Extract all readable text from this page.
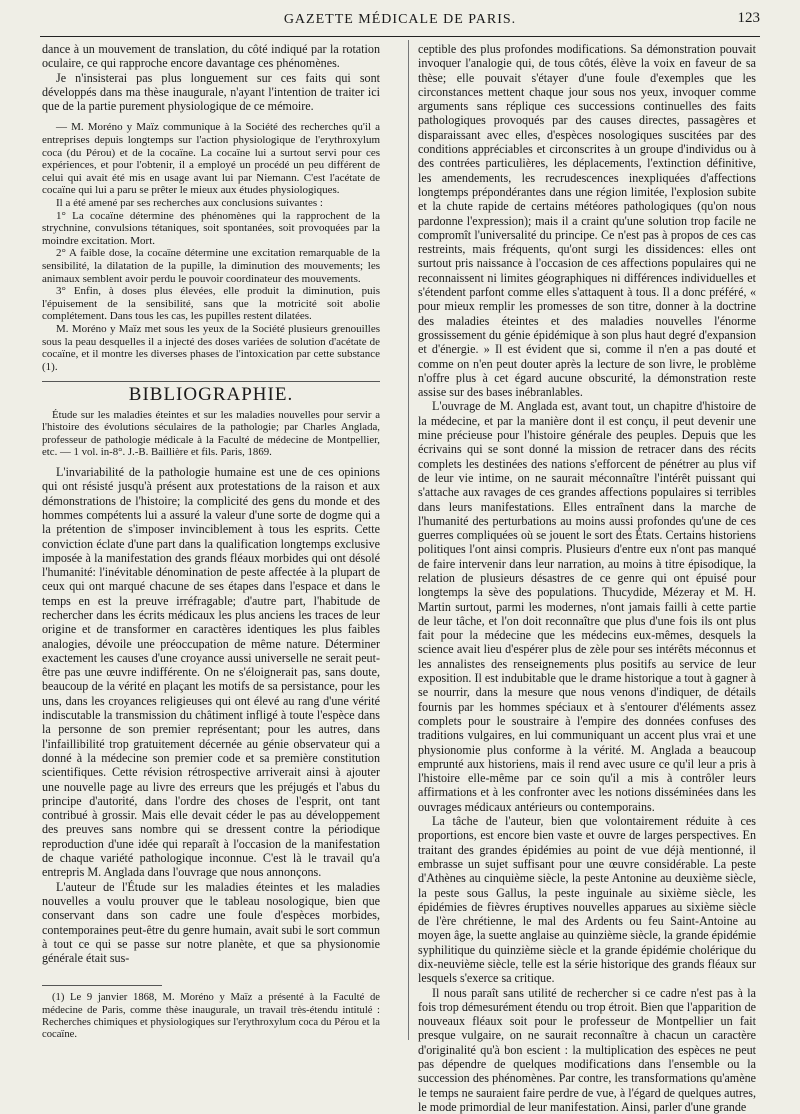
GAZETTE MÉDICALE DE PARIS.	123

dance à un mouvement de translation, du côté indiqué par la rotation oculaire, ce qui rapproche encore davantage ces phénomènes.

Je n'insisterai pas plus longuement sur ces faits qui sont développés dans ma thèse inaugurale, n'ayant l'intention de traiter ici que de la partie purement physiologique de ce mémoire.

— M. Moréno y Maïz communique à la Société des recherches qu'il a entreprises depuis longtemps sur l'action physiologique de l'erythroxylum coca (du Pérou) et de la cocaïne. La cocaïne lui a surtout servi pour ces expériences, et pour l'obtenir, il a employé un procédé un peu différent de celui qui avait été mis en usage avant lui par Niemann. C'est l'acétate de cocaïne qui lui a paru se prêter le mieux aux études physiologiques.

Il a été amené par ses recherches aux conclusions suivantes :

1° La cocaïne détermine des phénomènes qui la rapprochent de la strychnine, convulsions tétaniques, soit spontanées, soit provoquées par la moindre excitation. Mort.

2° A faible dose, la cocaïne détermine une excitation remarquable de la sensibilité, la dilatation de la pupille, la diminution des mouvements; les animaux semblent avoir perdu le pouvoir coordinateur des mouvements.

3° Enfin, à doses plus élevées, elle produit la diminution, puis l'épuisement de la sensibilité, sans que la motricité soit abolie complétement. Dans tous les cas, les pupilles restent dilatées.

M. Moréno y Maïz met sous les yeux de la Société plusieurs grenouilles sous la peau desquelles il a injecté des doses variées de solution d'acétate de cocaïne, et il montre les diverses phases de l'intoxication par cette substance (1).

BIBLIOGRAPHIE.

Étude sur les maladies éteintes et sur les maladies nouvelles pour servir a l'histoire des évolutions séculaires de la pathologie; par Charles Anglada, professeur de pathologie médicale à la Faculté de médecine de Montpellier, etc. — 1 vol. in-8°. J.-B. Baillière et fils. Paris, 1869.

L'invariabilité de la pathologie humaine est une de ces opinions qui ont résisté jusqu'à présent aux protestations de la raison et aux démonstrations de l'histoire; la complicité des gens du monde et des hommes compétents lui a assuré la valeur d'une sorte de dogme qui a la prétention de s'imposer invinciblement à tous les esprits. Cette conviction éclate d'une part dans la qualification longtemps exclusive imposée à la manifestation des grands fléaux morbides qui ont désolé l'humanité: l'inévitable dénomination de peste affectée à la plupart de ceux qui ont marqué chacune de ses étapes dans l'espace et dans le temps en est la preuve irréfragable; d'autre part, l'habitude de rechercher dans les écrits médicaux les plus anciens les traces de leur origine et de transformer en caractères identiques les plus faibles analogies, dévoile une préoccupation de même nature. Déterminer exactement les causes d'une croyance aussi universelle ne serait peut-être pas une œuvre indifférente. On ne s'éloignerait pas, sans doute, beaucoup de la vérité en plaçant les motifs de sa persistance, pour les uns, dans les croyances religieuses qui ont élevé au rang d'une vérité indiscutable la transmission du châtiment infligé à toute l'espèce dans la personne de son premier représentant; pour les autres, dans l'infaillibilité trop gratuitement décernée au génie observateur qui a donné à la médecine son premier code et sa première constitution scientifiques. Cette révision rétrospective arriverait ainsi à ajouter une nouvelle page au livre des erreurs que les préjugés et l'abus du principe d'autorité, dans l'ordre des choses de l'esprit, ont tant contribué à grossir. Mais elle devait céder le pas au développement des preuves sans nombre qui se dressent contre la périodique reproduction d'une idée qui reparaît à l'occasion de la manifestation de chaque variété pathologique inconnue. C'est là le travail qu'a entrepris M. Anglada dans l'ouvrage que nous annonçons.

L'auteur de l'Étude sur les maladies éteintes et les maladies nouvelles a voulu prouver que le tableau nosologique, bien que conservant dans son cadre une foule d'espèces morbides, contemporaines peut-être du genre humain, avait subi le sort commun à tout ce qui se passe sur notre planète, et que sa physionomie générale était sus-

(1) Le 9 janvier 1868, M. Moréno y Maïz a présenté à la Faculté de médecine de Paris, comme thèse inaugurale, un travail très-étendu intitulé : Recherches chimiques et physiologiques sur l'erythroxylum coca du Pérou et la cocaïne.

ceptible des plus profondes modifications. Sa démonstration pouvait invoquer l'analogie qui, de tous côtés, élève la voix en faveur de sa thèse; elle pouvait s'étayer d'une foule d'exemples que les circonstances mettent chaque jour sous nos yeux, invoquer comme arguments sans réplique ces successions continuelles des faits pathologiques provoqués par des causes directes, passagères et disparaissant avec elles, d'espèces nosologiques suscitées par des conditions appréciables et circonscrites à un groupe d'individus ou à des contrées particulières, les déplacements, l'extinction définitive, les amendements, les recrudescences inexpliquées d'affections longtemps prépondérantes dans une région limitée, l'explosion subite et la chute rapide de certains météores pathologiques (qu'on nous pardonne l'expression); mais il a craint qu'une solution trop facile ne compromît l'universalité du principe. Ce n'est pas à propos de ces cas restreints, mais fréquents, qu'ont surgi les dissidences: elles ont surtout pris naissance à l'occasion de ces affections populaires qui ne reconnaissent ni limites géographiques ni différences individuelles et s'étendent parfont comme elles s'attaquent à tous. Il a donc préféré, « pour mieux remplir les promesses de son titre, donner à la doctrine des maladies éteintes et des maladies nouvelles l'énorme grossissement du génie épidémique à son plus haut degré d'expansion et d'énergie. » Il est évident que si, comme il n'en a pas douté et comme on n'en peut douter après la lecture de son livre, le problème n'offre plus à cet égard aucune obscurité, la démonstration reste assise sur des bases inébranlables.

L'ouvrage de M. Anglada est, avant tout, un chapitre d'histoire de la médecine, et par la manière dont il est conçu, il peut devenir une mine précieuse pour l'histoire générale des peuples. Depuis que les écrivains qui se sont donné la mission de retracer dans des récits complets les destinées des nations s'efforcent de pénétrer au plus vif de leur vie intime, on ne saurait méconnaître l'intérêt puissant qui s'attache aux ravages de ces grandes affections populaires si terribles dans leurs manifestations. Elles entraînent dans la marche de l'humanité des perturbations au moins aussi profondes qu'une de ces guerres compliquées où se jouent le sort des États. Certains historiens politiques l'ont ainsi compris. Plusieurs d'entre eux n'ont pas manqué de faire intervenir dans leur narration, au moins à titre épisodique, la relation de plusieurs désastres de ce genre qui ont épuisé pour longtemps la sève des populations. Thucydide, Mézeray et M. H. Martin surtout, parmi les modernes, n'ont jamais failli à cette partie de leur tâche, et l'on doit reconnaître que plus d'une fois ils ont plus fait pour la médecine que les médecins eux-mêmes, desquels la science avait lieu d'espérer plus de zèle pour ses intérêts méconnus et les annalistes des renseignements plus positifs au service de leur exposition. Il est indubitable que le drame historique a tout à gagner à se nourrir, dans la mesure que nous venons d'indiquer, de détails fournis par les hommes spéciaux et à s'entourer d'éléments assez complets pour le soustraire à l'empire des données confuses des traditions vulgaires, en lui communiquant un accent plus vrai et une physionomie plus conforme à la vérité. M. Anglada a beaucoup emprunté aux historiens, mais il rend avec usure ce qu'il leur a pris à l'histoire elle-même par ce soin qu'il a mis à contrôler leurs affirmations et à les confronter avec les notions disséminées dans les ouvrages médicaux antérieurs ou contemporains.

La tâche de l'auteur, bien que volontairement réduite à ces proportions, est encore bien vaste et ouvre de larges perspectives. En traitant des grandes épidémies au point de vue déjà mentionné, il embrasse un sujet suffisant pour une œuvre considérable. La peste d'Athènes au cinquième siècle, la peste Antonine au deuxième siècle, la peste sous Gallus, la peste inguinale au sixième siècle, les épidémies de fièvres éruptives nouvelles apparues au sixième siècle de l'ère chrétienne, le mal des Ardents ou feu Saint-Antoine au moyen âge, la suette anglaise au quinzième siècle, la grande épidémie syphilitique du quinzième siècle et la grande épidémie cholérique du dix-neuvième siècle, telle est la série historique des grands fléaux sur lesquels s'exerce sa critique.

Il nous paraît sans utilité de rechercher si ce cadre n'est pas à la fois trop démesurément étendu ou trop étroit. Bien que l'apparition de nouveaux fléaux soit pour le professeur de Montpellier un fait presque vulgaire, on ne saurait reconnaître à chacun un caractère d'originalité qu'à bon escient : la multiplication des espèces ne peut pas dépendre de quelques modifications dans l'ensemble ou la succession des phénomènes. Par contre, les transformations qu'amène le temps ne sauraient faire perdre de vue, à l'égard de quelques autres, le mode primordial de leur manifestation. Ainsi, parler d'une grande
